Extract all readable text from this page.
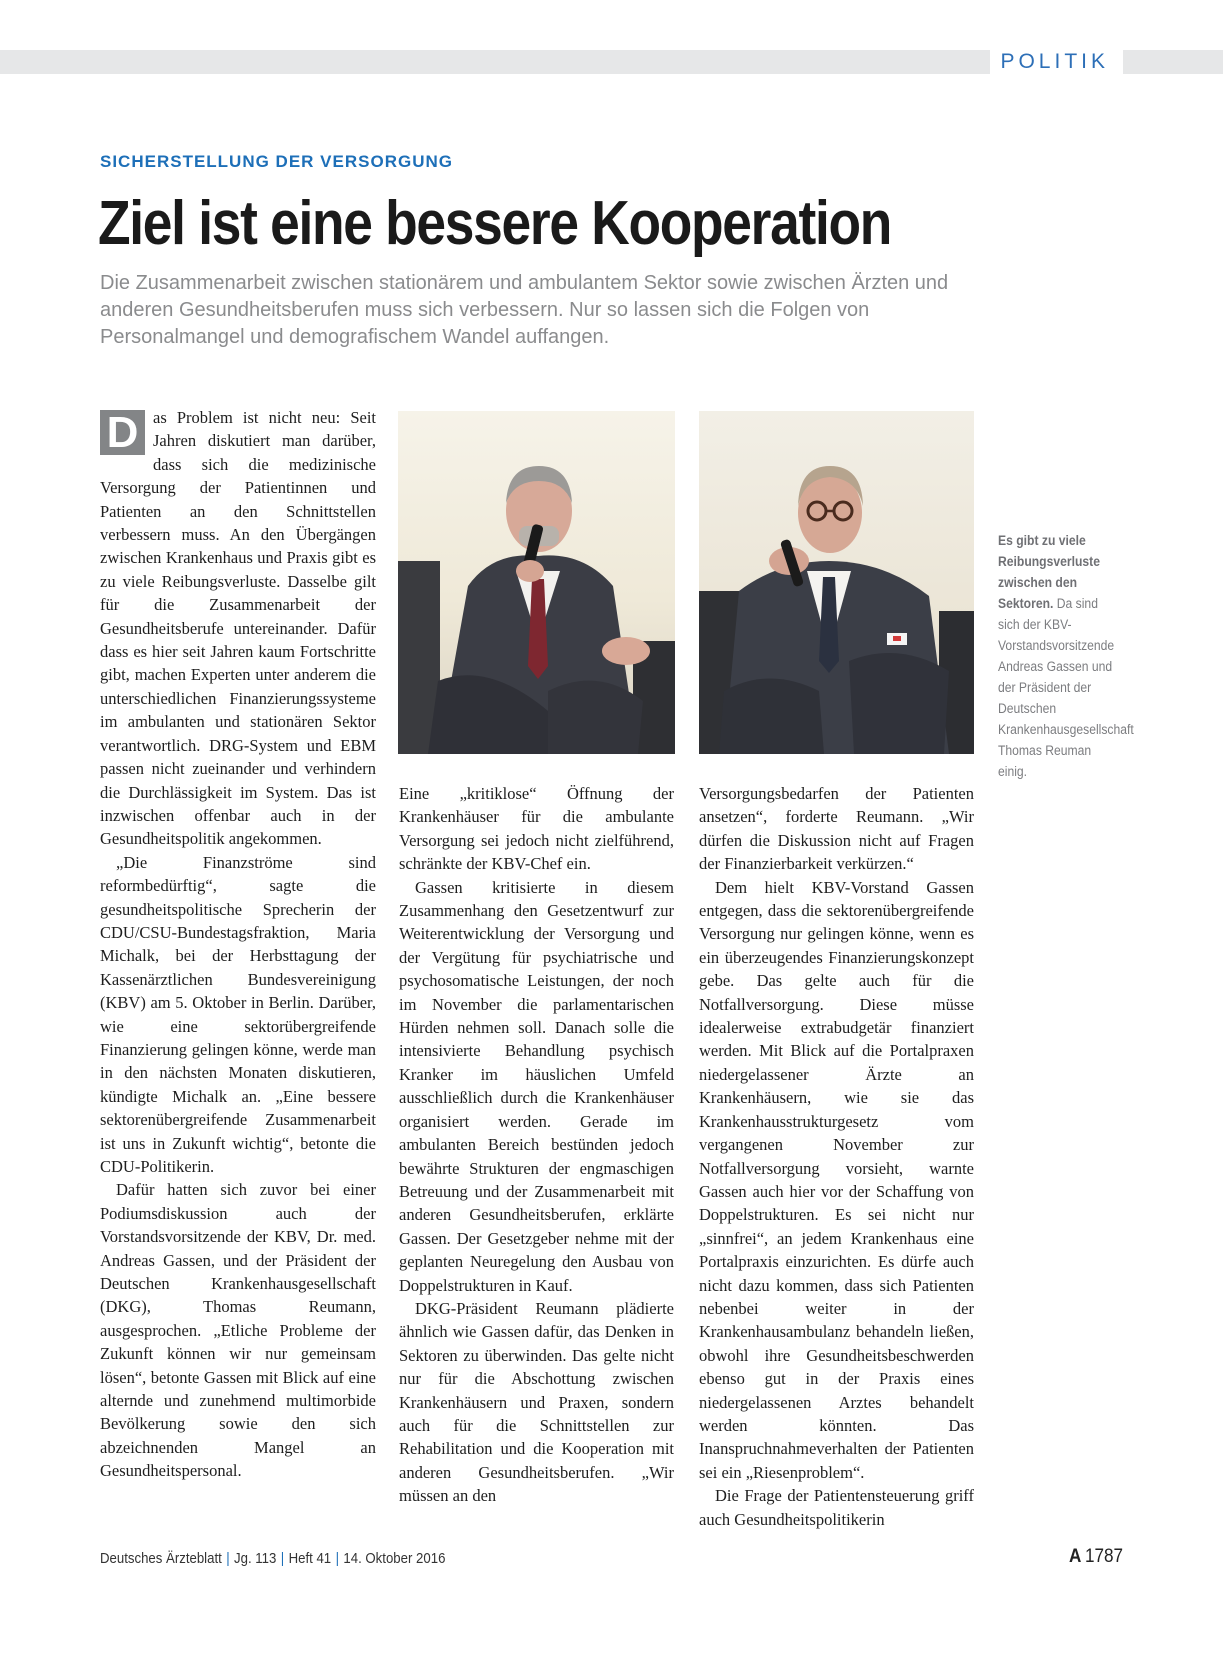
POLITIK
SICHERSTELLUNG DER VERSORGUNG
Ziel ist eine bessere Kooperation
Die Zusammenarbeit zwischen stationärem und ambulantem Sektor sowie zwischen Ärzten und anderen Gesundheitsberufen muss sich verbessern. Nur so lassen sich die Folgen von Personalmangel und demografischem Wandel auffangen.

D as Problem ist nicht neu: Seit Jahren diskutiert man darüber, dass sich die medizinische Versorgung der Patientinnen und Patienten an den Schnittstellen verbessern muss. An den Übergängen zwischen Krankenhaus und Praxis gibt es zu viele Reibungsverluste. Dasselbe gilt für die Zusammenarbeit der Gesundheitsberufe untereinander. Dafür dass es hier seit Jahren kaum Fortschritte gibt, machen Experten unter anderem die unterschiedlichen Finanzierungssysteme im ambulanten und stationären Sektor verantwortlich. DRG-System und EBM passen nicht zueinander und verhindern die Durchlässigkeit im System. Das ist inzwischen offenbar auch in der Gesundheitspolitik angekommen.

„Die Finanzströme sind reformbedürftig“, sagte die gesundheitspolitische Sprecherin der CDU/CSU-Bundestagsfraktion, Maria Michalk, bei der Herbsttagung der Kassenärztlichen Bundesvereinigung (KBV) am 5. Oktober in Berlin. Darüber, wie eine sektorübergreifende Finanzierung gelingen könne, werde man in den nächsten Monaten diskutieren, kündigte Michalk an. „Eine bessere sektorenübergreifende Zusammenarbeit ist uns in Zukunft wichtig“, betonte die CDU-Politikerin.

Dafür hatten sich zuvor bei einer Podiumsdiskussion auch der Vorstandsvorsitzende der KBV, Dr. med. Andreas Gassen, und der Präsident der Deutschen Krankenhausgesellschaft (DKG), Thomas Reumann, ausgesprochen. „Etliche Probleme der Zukunft können wir nur gemeinsam lösen“, betonte Gassen mit Blick auf eine alternde und zunehmend multimorbide Bevölkerung sowie den sich abzeichnenden Mangel an Gesundheitspersonal.

Es gibt zu viele Reibungsverluste zwischen den Sektoren. Da sind sich der KBV-Vorstandsvorsitzende Andreas Gassen und der Präsident der Deutschen Krankenhausgesellschaft Thomas Reuman einig.

Eine „kritiklose“ Öffnung der Krankenhäuser für die ambulante Versorgung sei jedoch nicht zielführend, schränkte der KBV-Chef ein.

Gassen kritisierte in diesem Zusammenhang den Gesetzentwurf zur Weiterentwicklung der Versorgung und der Vergütung für psychiatrische und psychosomatische Leistungen, der noch im November die parlamentarischen Hürden nehmen soll. Danach solle die intensivierte Behandlung psychisch Kranker im häuslichen Umfeld ausschließlich durch die Krankenhäuser organisiert werden. Gerade im ambulanten Bereich bestünden jedoch bewährte Strukturen der engmaschigen Betreuung und der Zusammenarbeit mit anderen Gesundheitsberufen, erklärte Gassen. Der Gesetzgeber nehme mit der geplanten Neuregelung den Ausbau von Doppelstrukturen in Kauf.

DKG-Präsident Reumann plädierte ähnlich wie Gassen dafür, das Denken in Sektoren zu überwinden. Das gelte nicht nur für die Abschottung zwischen Krankenhäusern und Praxen, sondern auch für die Schnittstellen zur Rehabilitation und die Kooperation mit anderen Gesundheitsberufen. „Wir müssen an den

Versorgungsbedarfen der Patienten ansetzen“, forderte Reumann. „Wir dürfen die Diskussion nicht auf Fragen der Finanzierbarkeit verkürzen.“

Dem hielt KBV-Vorstand Gassen entgegen, dass die sektorenübergreifende Versorgung nur gelingen könne, wenn es ein überzeugendes Finanzierungskonzept gebe. Das gelte auch für die Notfallversorgung. Diese müsse idealerweise extrabudgetär finanziert werden. Mit Blick auf die Portalpraxen niedergelassener Ärzte an Krankenhäusern, wie sie das Krankenhausstrukturgesetz vom vergangenen November zur Notfallversorgung vorsieht, warnte Gassen auch hier vor der Schaffung von Doppelstrukturen. Es sei nicht nur „sinnfrei“, an jedem Krankenhaus eine Portalpraxis einzurichten. Es dürfe auch nicht dazu kommen, dass sich Patienten nebenbei weiter in der Krankenhausambulanz behandeln ließen, obwohl ihre Gesundheitsbeschwerden ebenso gut in der Praxis eines niedergelassenen Arztes behandelt werden könnten. Das Inanspruchnahmeverhalten der Patienten sei ein „Riesenproblem“.

Die Frage der Patientensteuerung griff auch Gesundheitspolitikerin

Deutsches Ärzteblatt | Jg. 113 | Heft 41 | 14. Oktober 2016	A 1787
